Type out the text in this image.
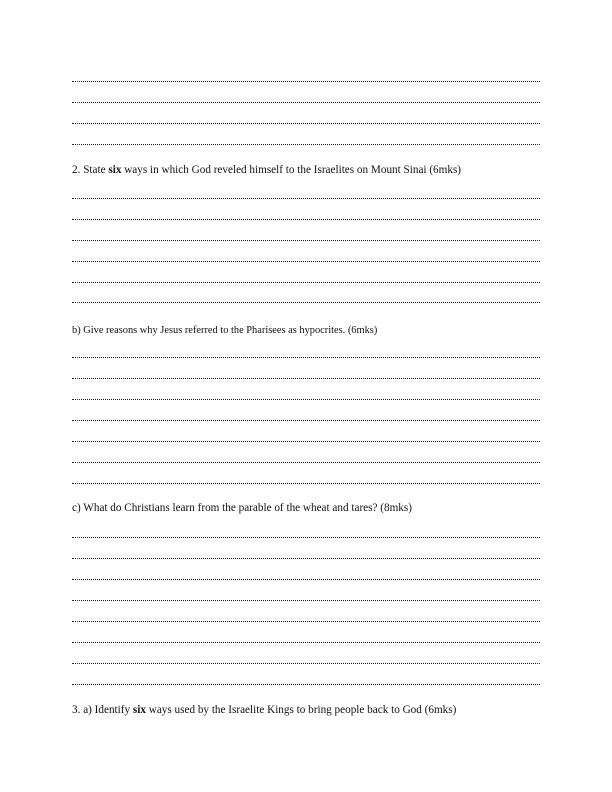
2. State six ways in which God reveled himself to the Israelites on Mount Sinai (6mks)
b) Give reasons why Jesus referred to the Pharisees as hypocrites. (6mks)
c) What do Christians learn from the parable of the wheat and tares? (8mks)
3. a) Identify six ways used by the Israelite Kings to bring people back to God (6mks)
